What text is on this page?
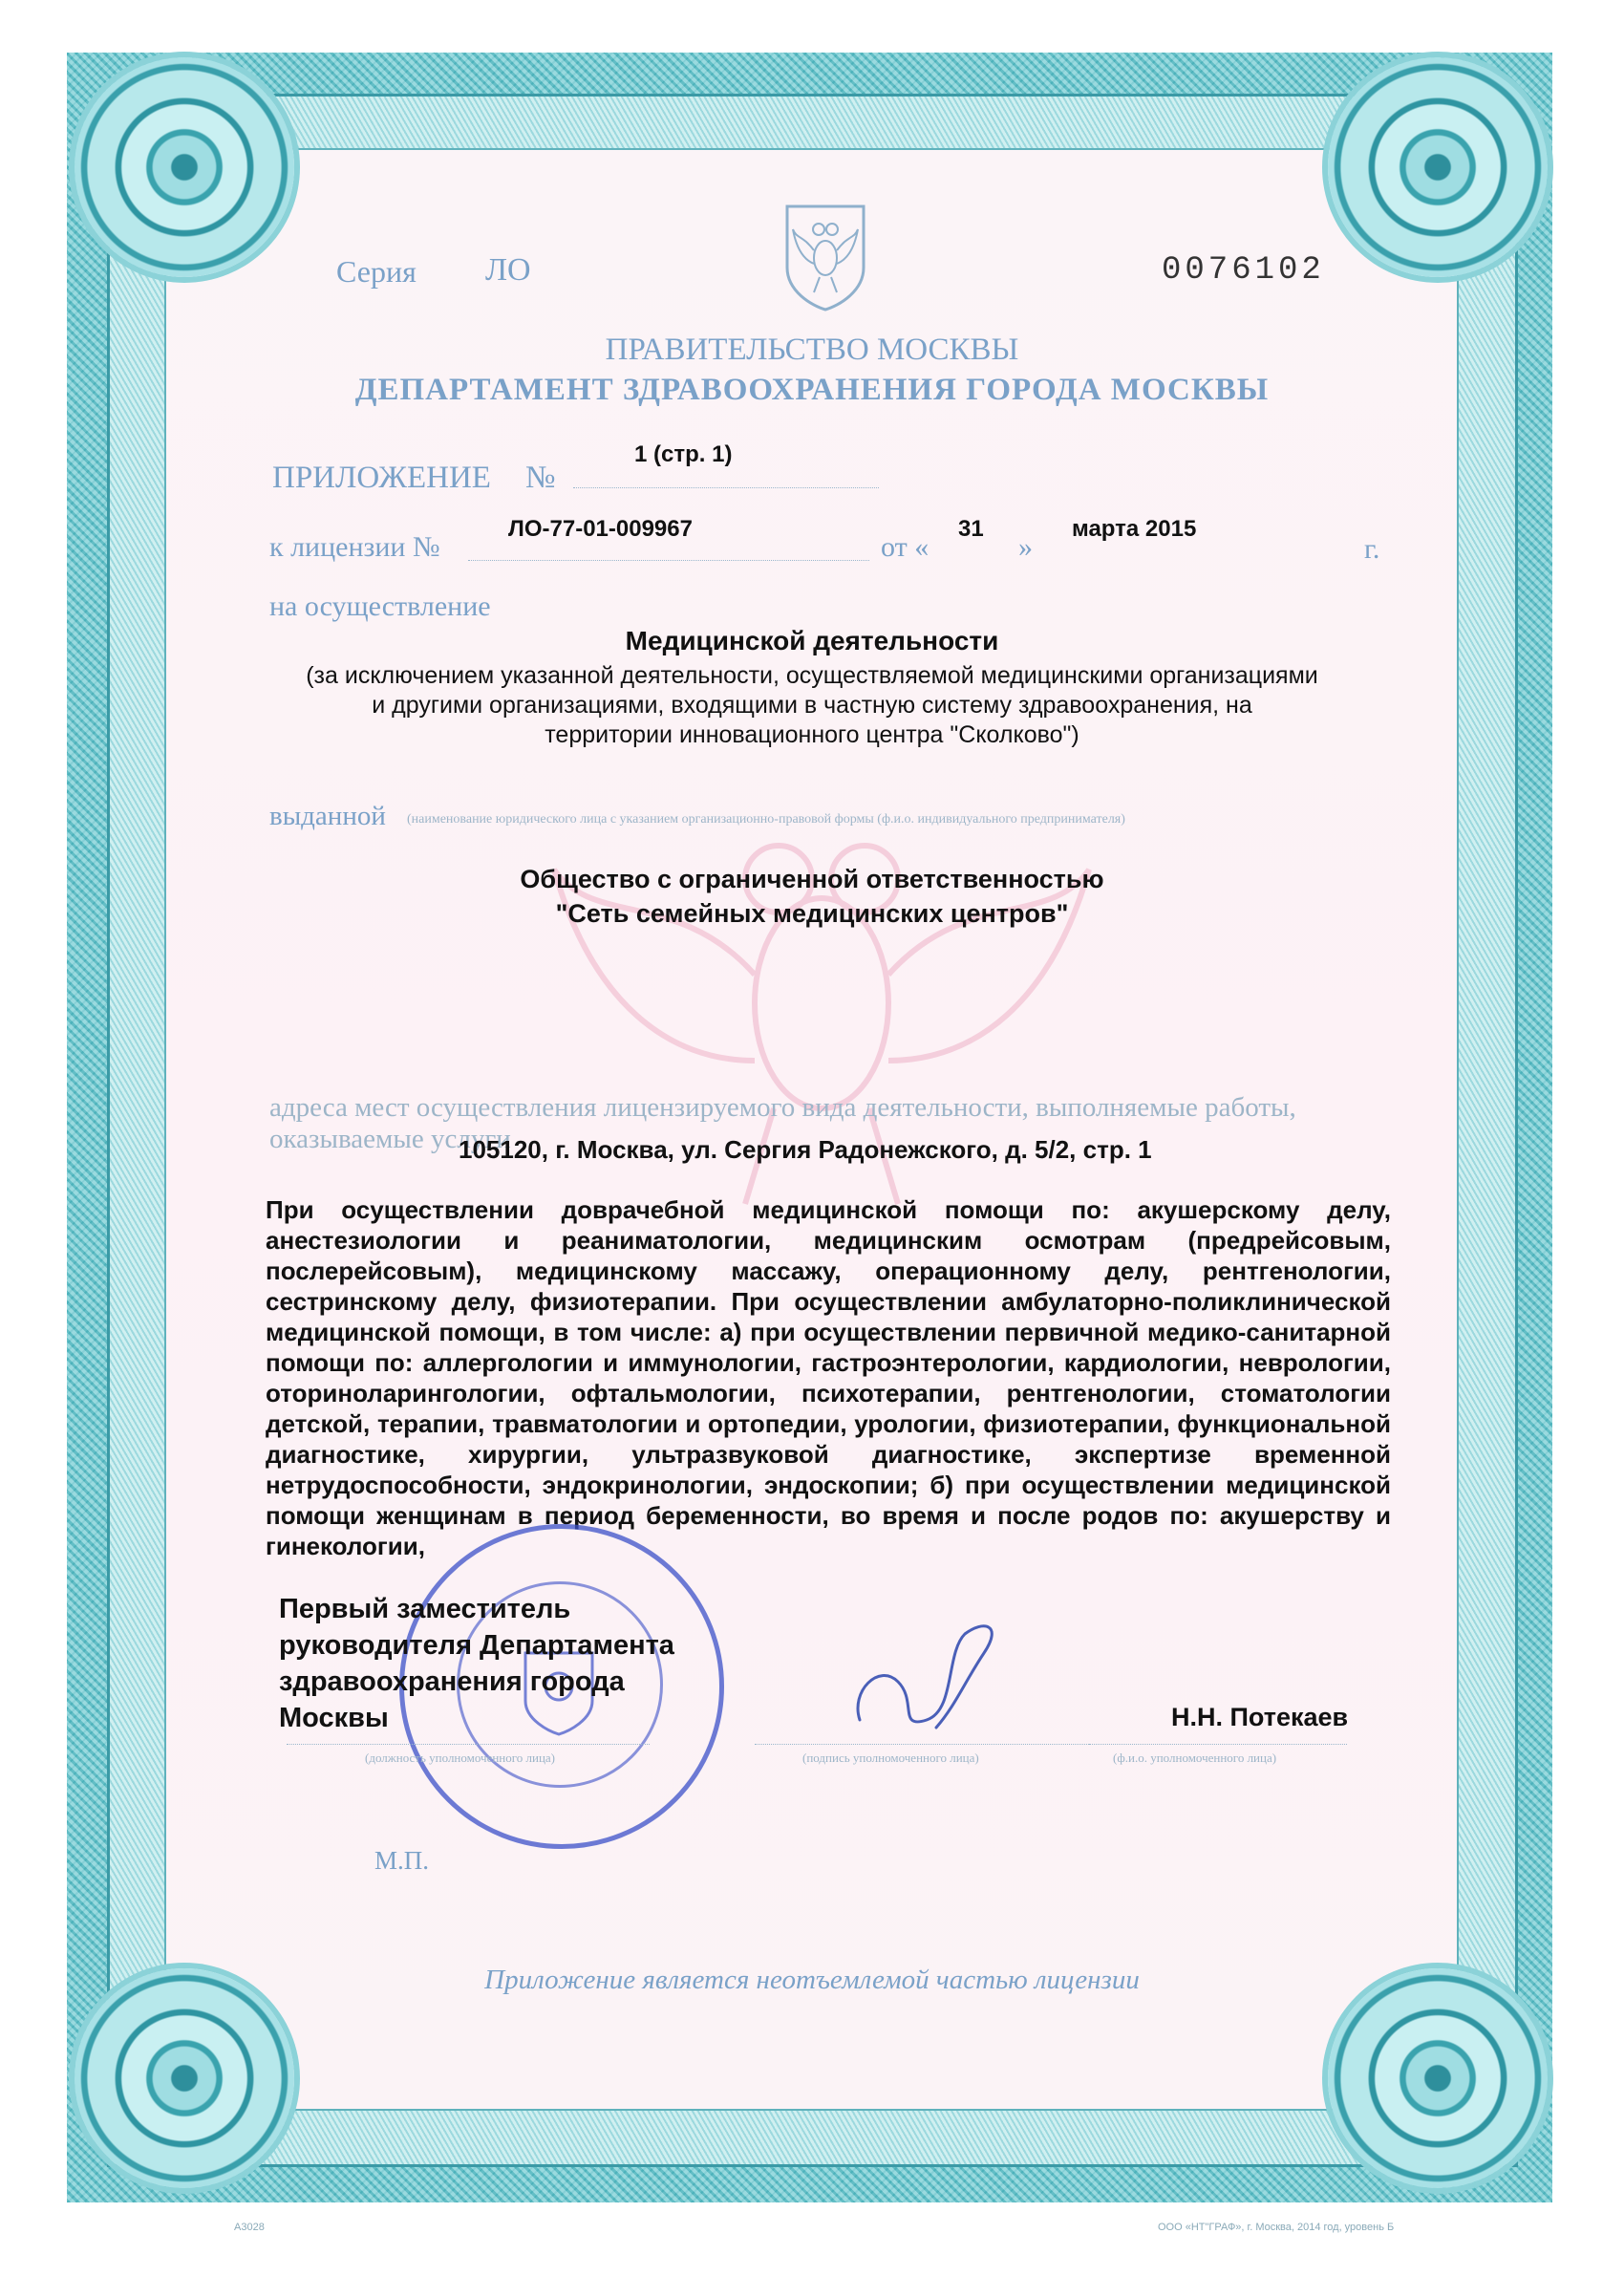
Серия ЛО	0076102
ПРАВИТЕЛЬСТВО МОСКВЫ
ДЕПАРТАМЕНТ ЗДРАВООХРАНЕНИЯ ГОРОДА МОСКВЫ
ПРИЛОЖЕНИЕ №
1 (стр. 1)
к лицензии №
ЛО-77-01-009967
от «
31
»
марта 2015
г.
на осуществление
Медицинской деятельности
(за исключением указанной деятельности, осуществляемой медицинскими организациями
и другими организациями, входящими в частную систему здравоохранения, на
территории инновационного центра "Сколково")
выданной (наименование юридического лица с указанием организационно-правовой формы (ф.и.о. индивидуального предпринимателя)
Общество с ограниченной ответственностью
"Сеть семейных медицинских центров"
адреса мест осуществления лицензируемого вида деятельности, выполняемые работы,
оказываемые услуги
105120, г. Москва, ул. Сергия Радонежского, д. 5/2, стр. 1
При осуществлении доврачебной медицинской помощи по: акушерскому делу, анестезиологии и реаниматологии, медицинским осмотрам (предрейсовым, послерейсовым), медицинскому массажу, операционному делу, рентгенологии, сестринскому делу, физиотерапии. При осуществлении амбулаторно-поликлинической медицинской помощи, в том числе: а) при осуществлении первичной медико-санитарной помощи по: аллергологии и иммунологии, гастроэнтерологии, кардиологии, неврологии, оториноларингологии, офтальмологии, психотерапии, рентгенологии, стоматологии детской, терапии, травматологии и ортопедии, урологии, физиотерапии, функциональной диагностике, хирургии, ультразвуковой диагностике, экспертизе временной нетрудоспособности, эндокринологии, эндоскопии; б) при осуществлении медицинской помощи женщинам в период беременности, во время и после родов по: акушерству и гинекологии,
Первый заместитель
руководителя Департамента
здравоохранения города
Москвы	Н.Н. Потекаев
(должность уполномоченного лица)	(подпись уполномоченного лица)	(ф.и.о. уполномоченного лица)
М.П.
Приложение является неотъемлемой частью лицензии
А3028	ООО «НТ"ГРАФ», г. Москва, 2014 год, уровень Б
